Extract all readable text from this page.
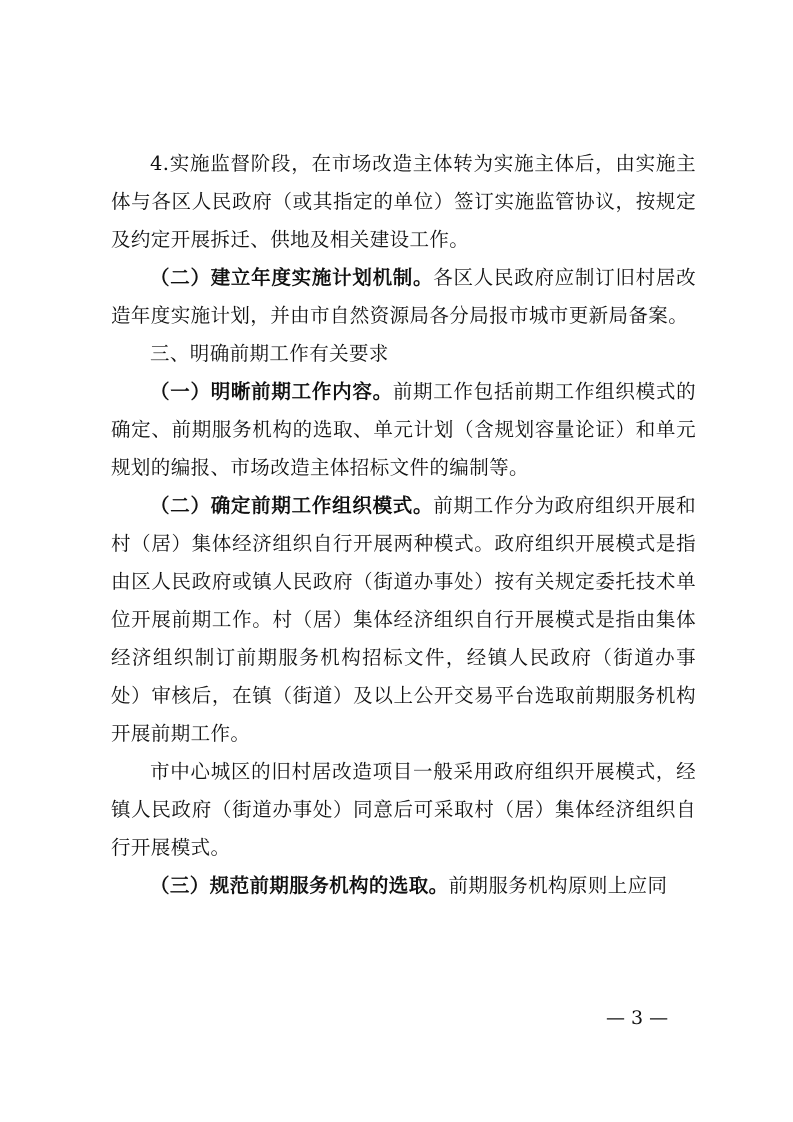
4.实施监督阶段，在市场改造主体转为实施主体后，由实施主体与各区人民政府（或其指定的单位）签订实施监管协议，按规定及约定开展拆迁、供地及相关建设工作。

（二）建立年度实施计划机制。各区人民政府应制订旧村居改造年度实施计划，并由市自然资源局各分局报市城市更新局备案。

三、明确前期工作有关要求

（一）明晰前期工作内容。前期工作包括前期工作组织模式的确定、前期服务机构的选取、单元计划（含规划容量论证）和单元规划的编报、市场改造主体招标文件的编制等。

（二）确定前期工作组织模式。前期工作分为政府组织开展和村（居）集体经济组织自行开展两种模式。政府组织开展模式是指由区人民政府或镇人民政府（街道办事处）按有关规定委托技术单位开展前期工作。村（居）集体经济组织自行开展模式是指由集体经济组织制订前期服务机构招标文件，经镇人民政府（街道办事处）审核后，在镇（街道）及以上公开交易平台选取前期服务机构开展前期工作。

市中心城区的旧村居改造项目一般采用政府组织开展模式，经镇人民政府（街道办事处）同意后可采取村（居）集体经济组织自行开展模式。

（三）规范前期服务机构的选取。前期服务机构原则上应同

— 3 —
